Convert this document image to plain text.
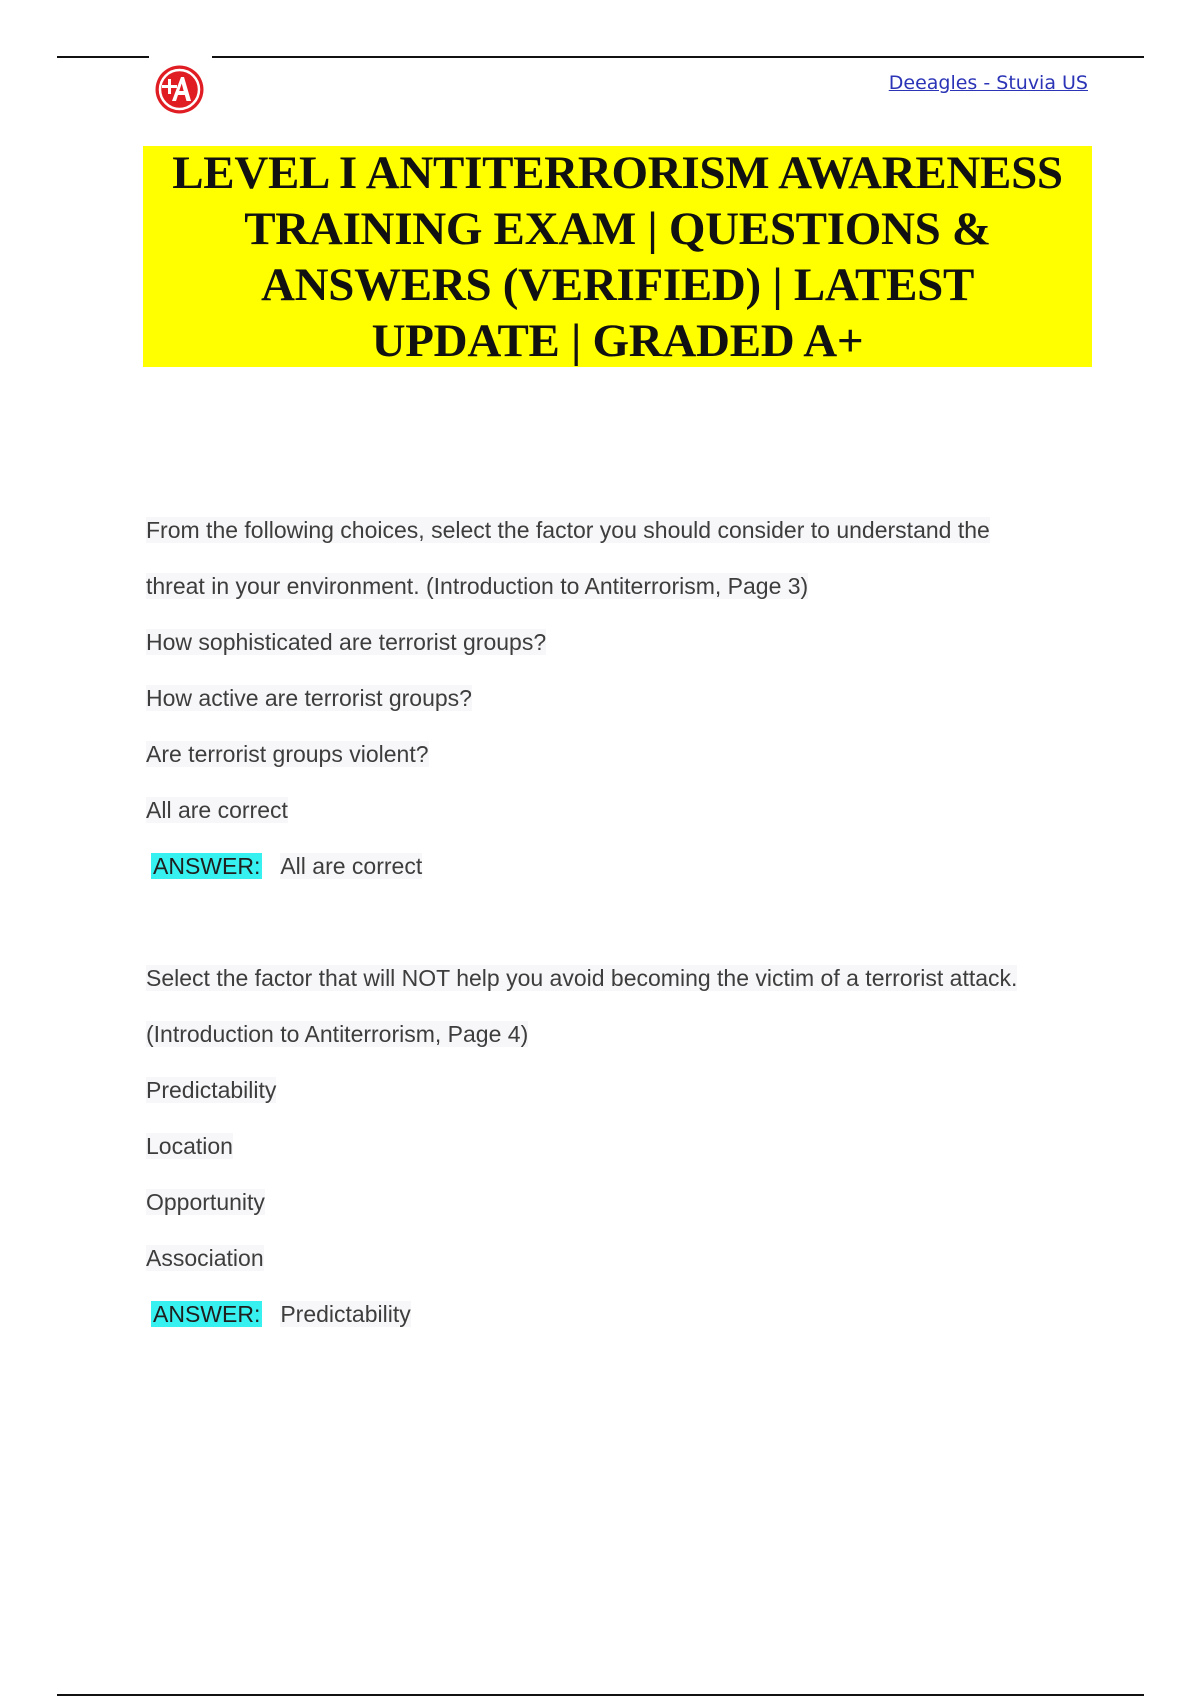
Deeagles - Stuvia US
LEVEL I ANTITERRORISM AWARENESS
TRAINING EXAM | QUESTIONS &
ANSWERS (VERIFIED) | LATEST
UPDATE | GRADED A+
From the following choices, select the factor you should consider to understand the
threat in your environment. (Introduction to Antiterrorism, Page 3)
How sophisticated are terrorist groups?
How active are terrorist groups?
Are terrorist groups violent?
All are correct
ANSWER: All are correct
Select the factor that will NOT help you avoid becoming the victim of a terrorist attack.
(Introduction to Antiterrorism, Page 4)
Predictability
Location
Opportunity
Association
ANSWER: Predictability
